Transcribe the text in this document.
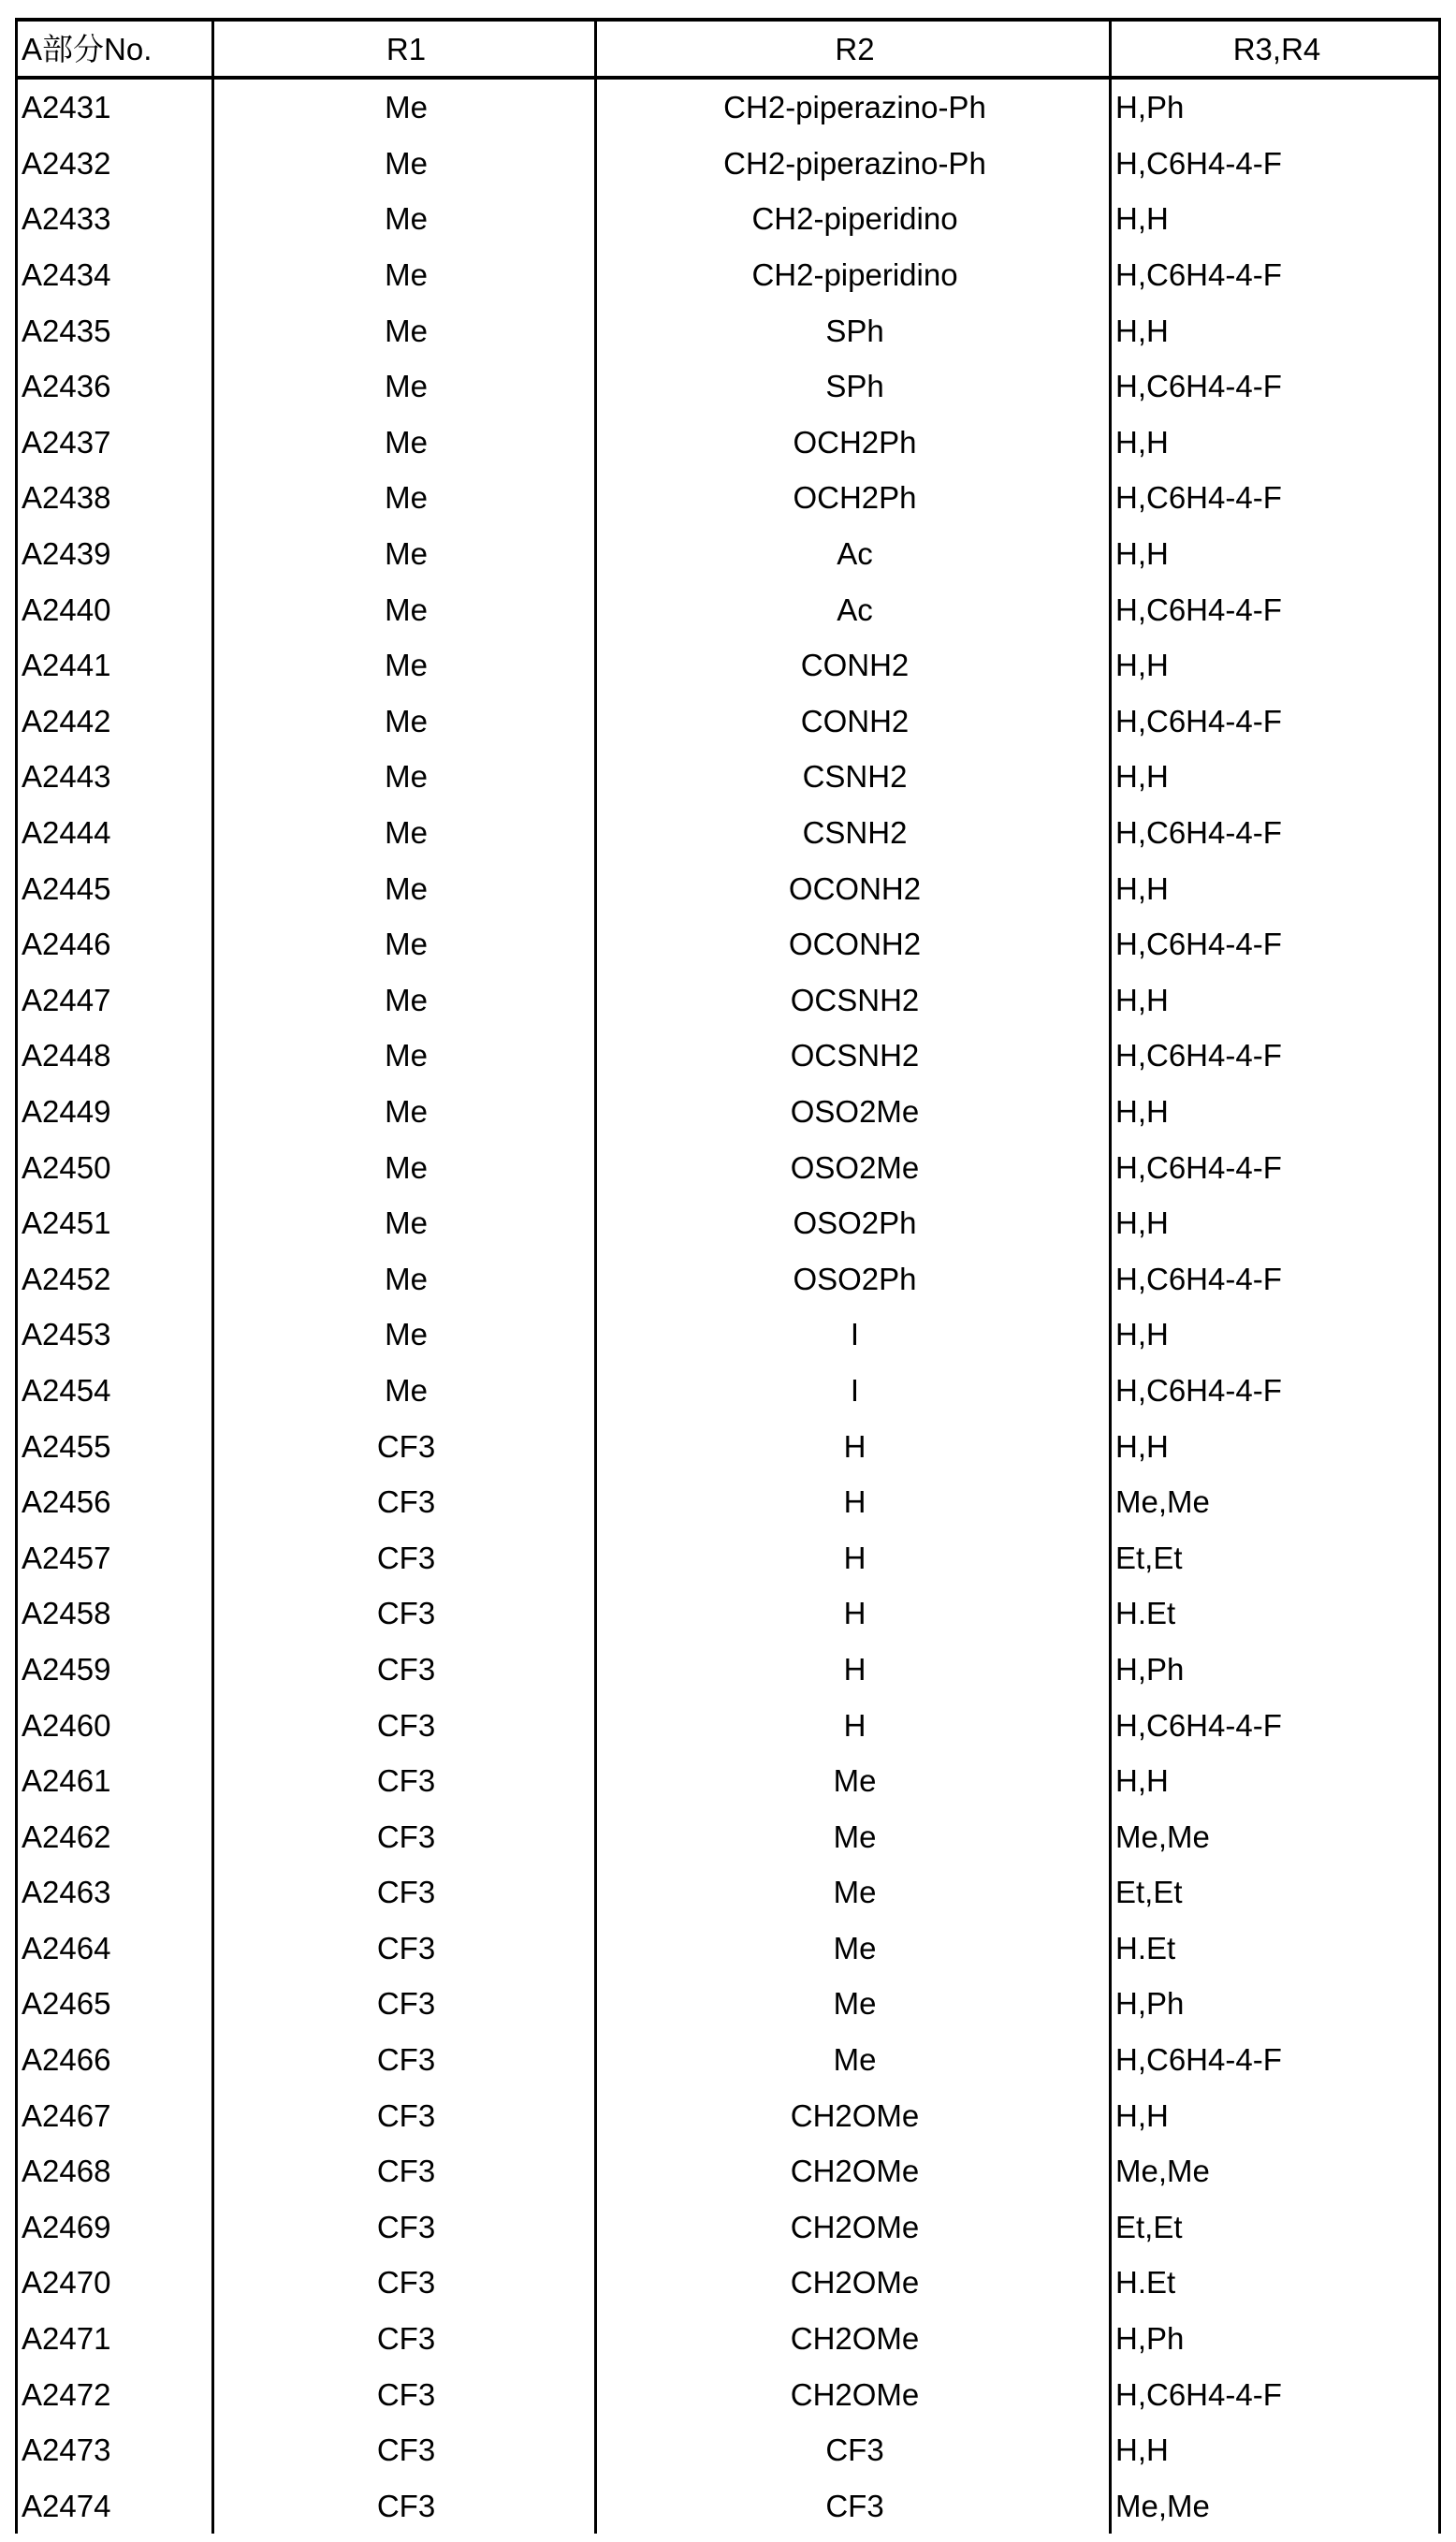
A部分No.	R1	R2	R3,R4
A2431	Me	CH2-piperazino-Ph	H,Ph
A2432	Me	CH2-piperazino-Ph	H,C6H4-4-F
A2433	Me	CH2-piperidino	H,H
A2434	Me	CH2-piperidino	H,C6H4-4-F
A2435	Me	SPh	H,H
A2436	Me	SPh	H,C6H4-4-F
A2437	Me	OCH2Ph	H,H
A2438	Me	OCH2Ph	H,C6H4-4-F
A2439	Me	Ac	H,H
A2440	Me	Ac	H,C6H4-4-F
A2441	Me	CONH2	H,H
A2442	Me	CONH2	H,C6H4-4-F
A2443	Me	CSNH2	H,H
A2444	Me	CSNH2	H,C6H4-4-F
A2445	Me	OCONH2	H,H
A2446	Me	OCONH2	H,C6H4-4-F
A2447	Me	OCSNH2	H,H
A2448	Me	OCSNH2	H,C6H4-4-F
A2449	Me	OSO2Me	H,H
A2450	Me	OSO2Me	H,C6H4-4-F
A2451	Me	OSO2Ph	H,H
A2452	Me	OSO2Ph	H,C6H4-4-F
A2453	Me	I	H,H
A2454	Me	I	H,C6H4-4-F
A2455	CF3	H	H,H
A2456	CF3	H	Me,Me
A2457	CF3	H	Et,Et
A2458	CF3	H	H.Et
A2459	CF3	H	H,Ph
A2460	CF3	H	H,C6H4-4-F
A2461	CF3	Me	H,H
A2462	CF3	Me	Me,Me
A2463	CF3	Me	Et,Et
A2464	CF3	Me	H.Et
A2465	CF3	Me	H,Ph
A2466	CF3	Me	H,C6H4-4-F
A2467	CF3	CH2OMe	H,H
A2468	CF3	CH2OMe	Me,Me
A2469	CF3	CH2OMe	Et,Et
A2470	CF3	CH2OMe	H.Et
A2471	CF3	CH2OMe	H,Ph
A2472	CF3	CH2OMe	H,C6H4-4-F
A2473	CF3	CF3	H,H
A2474	CF3	CF3	Me,Me
